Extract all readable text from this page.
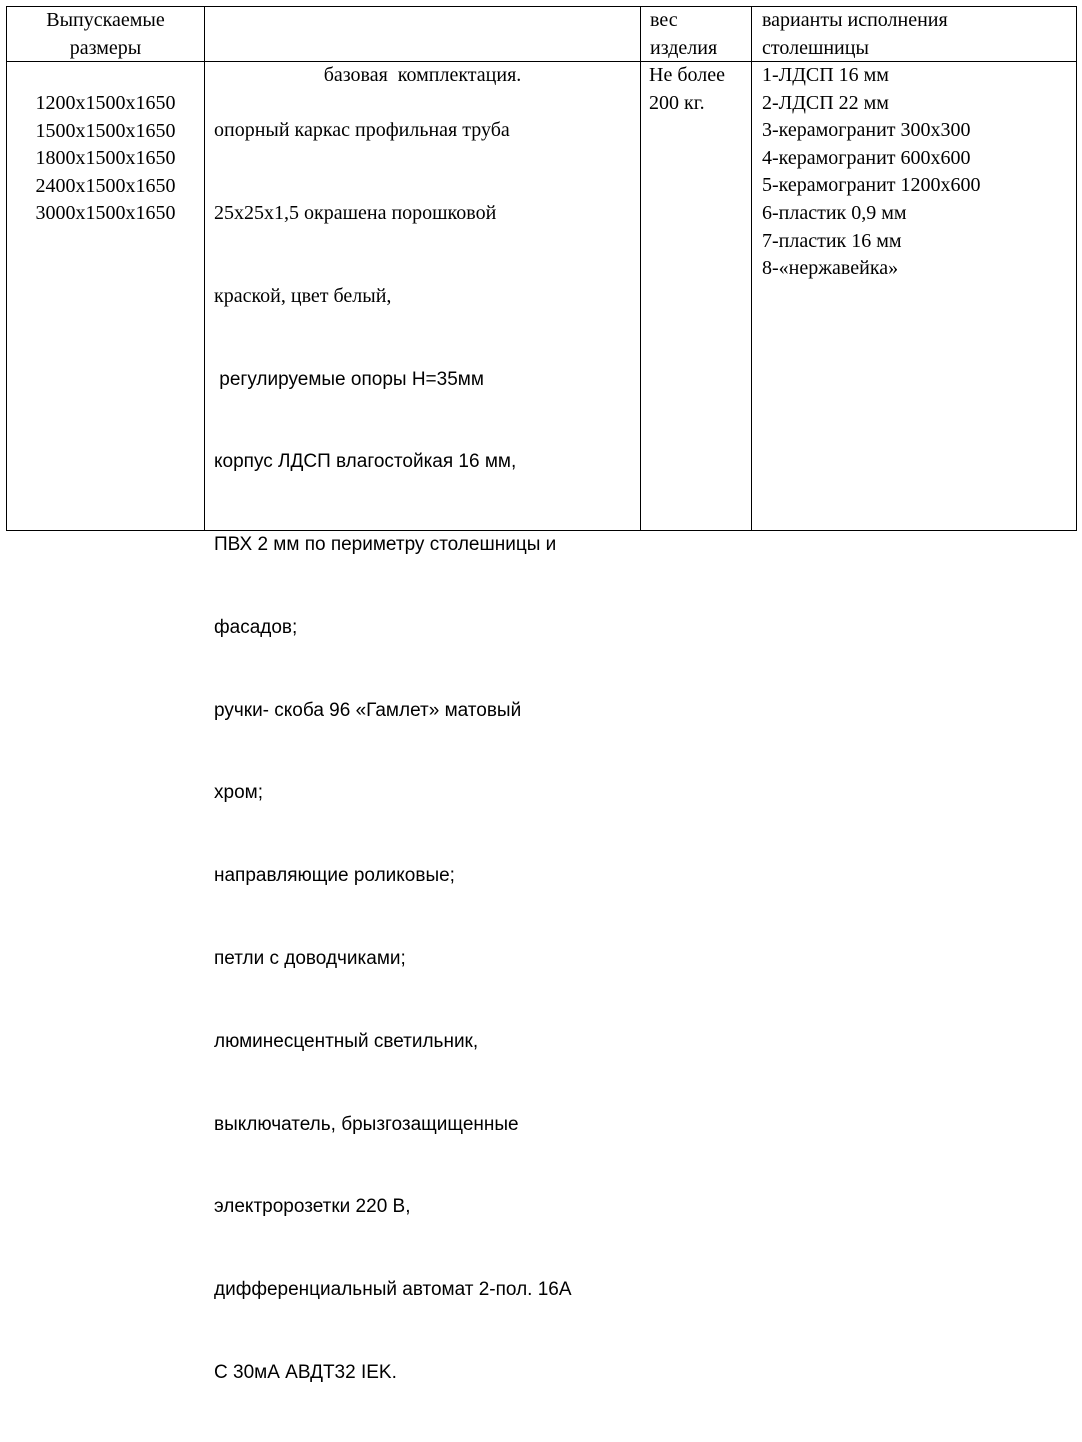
Выпускаемые
размеры

базовая  комплектация.

вес
изделия
варианты исполнения
столешницы
1200х1500х1650
1500х1500х1650
1800х1500х1650
2400х1500х1650
3000х1500х1650

опорный каркас профильная труба

25х25х1,5 окрашена порошковой

краской, цвет белый,

регулируемые опоры H=35мм

корпус ЛДСП влагостойкая 16 мм,

ПВХ 2 мм по периметру столешницы и

фасадов;

ручки- скоба 96 «Гамлет» матовый

хром;

направляющие роликовые;

петли с доводчиками;

люминесцентный светильник,

выключатель, брызгозащищенные

электророзетки 220 В,

дифференциальный автомат 2-пол. 16А

С 30мА АВДТ32 IEK.

Не более
200 кг.
1-ЛДСП 16 мм
2-ЛДСП 22 мм
3-керамогранит 300х300
4-керамогранит 600х600
5-керамогранит 1200х600
6-пластик 0,9 мм
7-пластик 16 мм
8-«нержавейка»
